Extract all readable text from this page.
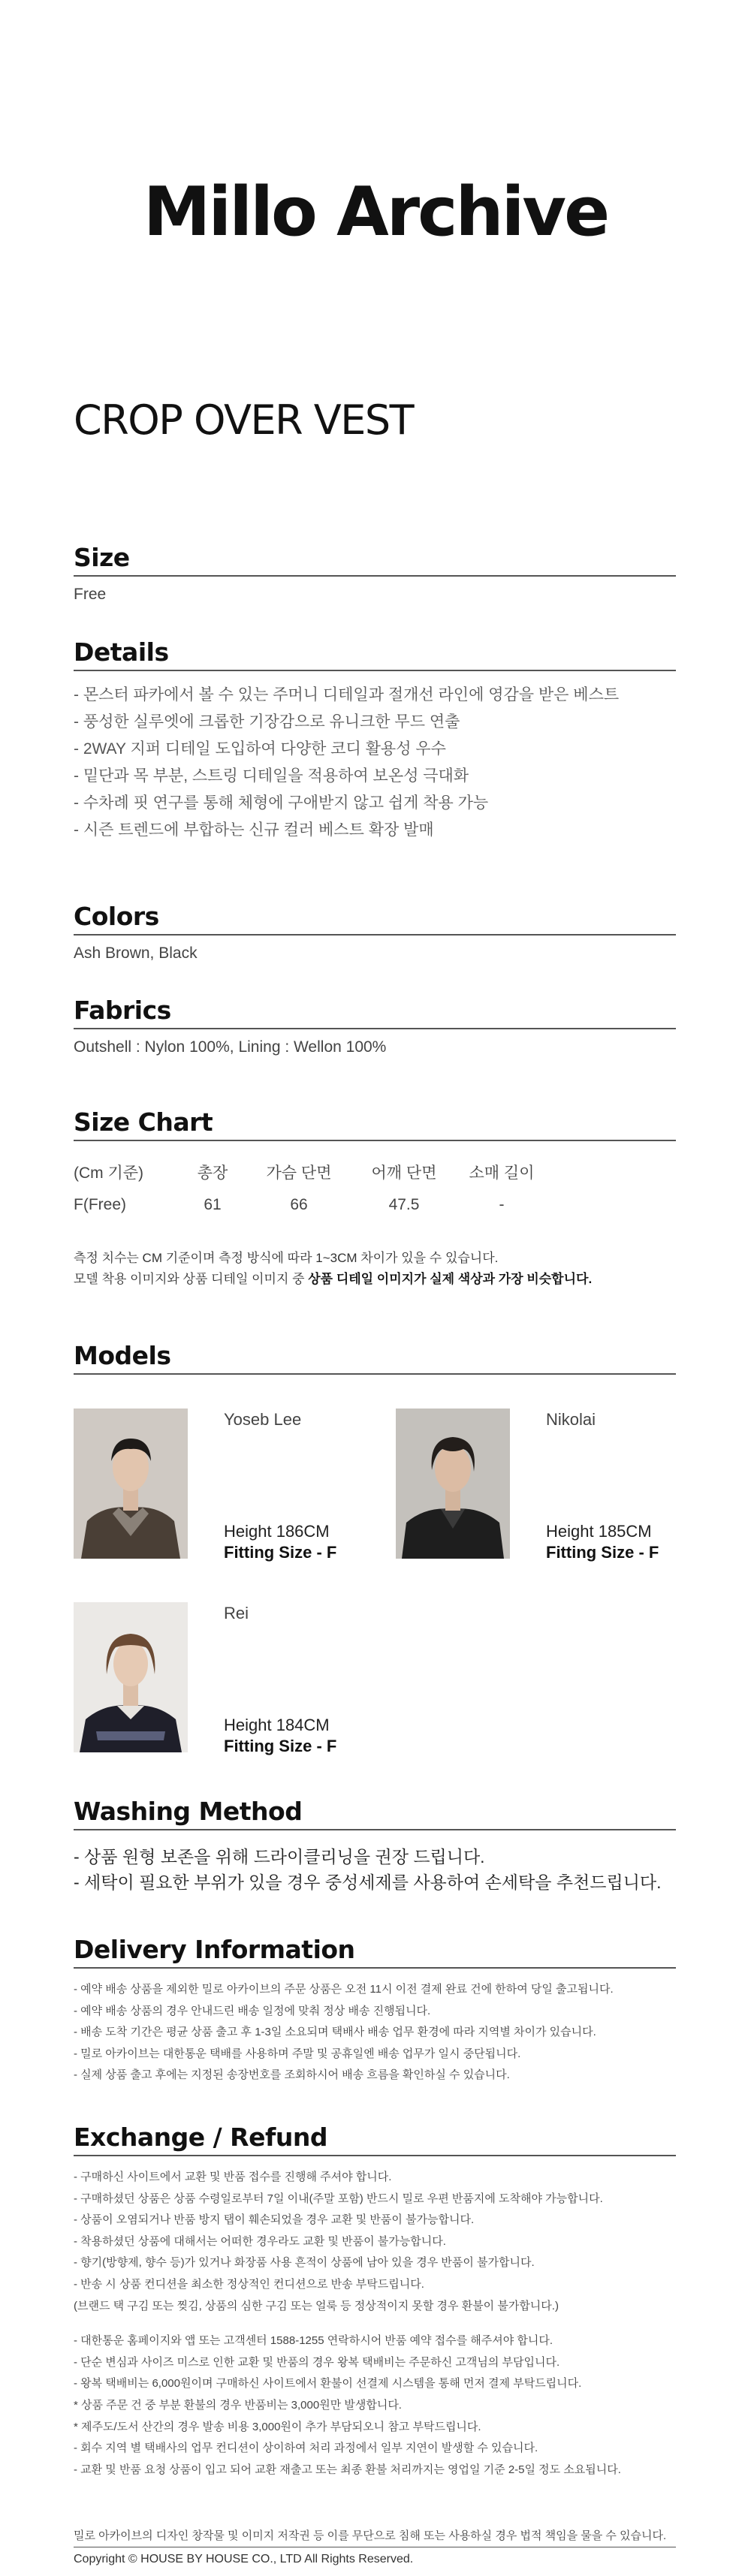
Millo Archive
CROP OVER VEST
Size
Free
Details
- 몬스터 파카에서 볼 수 있는 주머니 디테일과 절개선 라인에 영감을 받은 베스트
- 풍성한 실루엣에 크롭한 기장감으로 유니크한 무드 연출
- 2WAY 지퍼 디테일 도입하여 다양한 코디 활용성 우수
- 밑단과 목 부분, 스트링 디테일을 적용하여 보온성 극대화
- 수차례 핏 연구를 통해 체형에 구애받지 않고 쉽게 착용 가능
- 시즌 트렌드에 부합하는 신규 컬러 베스트 확장 발매
Colors
Ash Brown, Black
Fabrics
Outshell : Nylon 100%, Lining : Wellon 100%
Size Chart
(Cm 기준)	총장	가슴 단면	어깨 단면	소매 길이
F(Free)	61	66	47.5	-
측정 치수는 CM 기준이며 측정 방식에 따라 1~3CM 차이가 있을 수 있습니다.
모델 착용 이미지와 상품 디테일 이미지 중 상품 디테일 이미지가 실제 색상과 가장 비슷합니다.
Models
Yoseb Lee
Height 186CM
Fitting Size - F
Nikolai
Height 185CM
Fitting Size - F
Rei
Height 184CM
Fitting Size - F
Washing Method
- 상품 원형 보존을 위해 드라이클리닝을 권장 드립니다.
- 세탁이 필요한 부위가 있을 경우 중성세제를 사용하여 손세탁을 추천드립니다.
Delivery Information
- 예약 배송 상품을 제외한 밀로 아카이브의 주문 상품은 오전 11시 이전 결제 완료 건에 한하여 당일 출고됩니다.
- 예약 배송 상품의 경우 안내드린 배송 일정에 맞춰 정상 배송 진행됩니다.
- 배송 도착 기간은 평균 상품 출고 후 1-3일 소요되며 택배사 배송 업무 환경에 따라 지역별 차이가 있습니다.
- 밀로 아카이브는 대한통운 택배를 사용하며 주말 및 공휴일엔 배송 업무가 일시 중단됩니다.
- 실제 상품 출고 후에는 지정된 송장번호를 조회하시어 배송 흐름을 확인하실 수 있습니다.
Exchange / Refund
- 구매하신 사이트에서 교환 및 반품 접수를 진행해 주셔야 합니다.
- 구매하셨던 상품은 상품 수령일로부터 7일 이내(주말 포함) 반드시 밀로 우편 반품지에 도착해야 가능합니다.
- 상품이 오염되거나 반품 방지 탭이 훼손되었을 경우 교환 및 반품이 불가능합니다.
- 착용하셨던 상품에 대해서는 어떠한 경우라도 교환 및 반품이 불가능합니다.
- 향기(방향제, 향수 등)가 있거나 화장품 사용 흔적이 상품에 남아 있을 경우 반품이 불가합니다.
- 반송 시 상품 컨디션을 최소한 정상적인 컨디션으로 반송 부탁드립니다.
(브랜드 택 구김 또는 찢김, 상품의 심한 구김 또는 얼룩 등 정상적이지 못할 경우 환불이 불가합니다.)
- 대한통운 홈페이지와 앱 또는 고객센터 1588-1255 연락하시어 반품 예약 접수를 해주셔야 합니다.
- 단순 변심과 사이즈 미스로 인한 교환 및 반품의 경우 왕복 택배비는 주문하신 고객님의 부담입니다.
- 왕복 택배비는 6,000원이며 구매하신 사이트에서 환불이 선결제 시스템을 통해 먼저 결제 부탁드립니다.
* 상품 주문 건 중 부분 환불의 경우 반품비는 3,000원만 발생합니다.
* 제주도/도서 산간의 경우 발송 비용 3,000원이 추가 부담되오니 참고 부탁드립니다.
- 회수 지역 별 택배사의 업무 컨디션이 상이하여 처리 과정에서 일부 지연이 발생할 수 있습니다.
- 교환 및 반품 요청 상품이 입고 되어 교환 재출고 또는 최종 환불 처리까지는 영업일 기준 2-5일 정도 소요됩니다.
밀로 아카이브의 디자인 창작물 및 이미지 저작권 등 이를 무단으로 침해 또는 사용하실 경우 법적 책임을 물을 수 있습니다.
Copyright © HOUSE BY HOUSE CO., LTD All Rights Reserved.
